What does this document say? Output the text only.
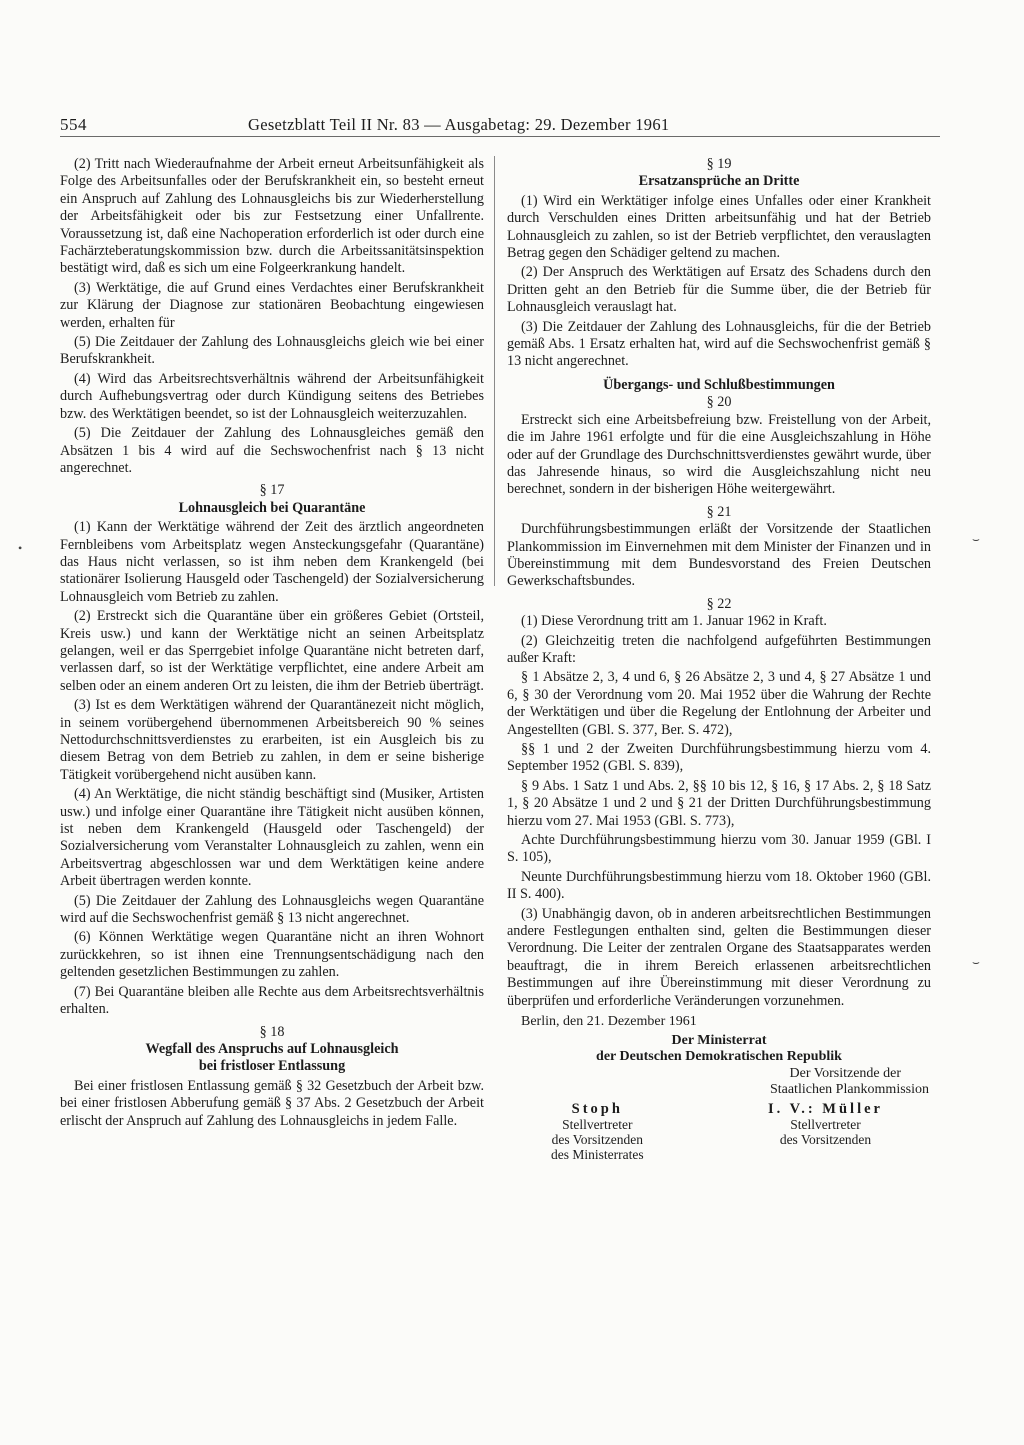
554	Gesetzblatt Teil II Nr. 83 — Ausgabetag: 29. Dezember 1961
•
⌣
⌣

(2) Tritt nach Wiederaufnahme der Arbeit erneut Arbeitsunfähigkeit als Folge des Arbeitsunfalles oder der Berufskrankheit ein, so besteht erneut ein Anspruch auf Zahlung des Lohnausgleichs bis zur Wiederherstellung der Arbeitsfähigkeit oder bis zur Festsetzung einer Unfallrente. Voraussetzung ist, daß eine Nachoperation erforderlich ist oder durch eine Fachärzteberatungskommission bzw. durch die Arbeitssanitätsinspektion bestätigt wird, daß es sich um eine Folgeerkrankung handelt.

(3) Werktätige, die auf Grund eines Verdachtes einer Berufskrankheit zur Klärung der Diagnose zur stationären Beobachtung eingewiesen werden, erhalten für

(5) Die Zeitdauer der Zahlung des Lohnausgleichs gleich wie bei einer Berufskrankheit.

(4) Wird das Arbeitsrechtsverhältnis während der Arbeitsunfähigkeit durch Aufhebungsvertrag oder durch Kündigung seitens des Betriebes bzw. des Werktätigen beendet, so ist der Lohnausgleich weiterzuzahlen.

(5) Die Zeitdauer der Zahlung des Lohnausgleiches gemäß den Absätzen 1 bis 4 wird auf die Sechswochenfrist nach § 13 nicht angerechnet.

§ 17

Lohnausgleich bei Quarantäne

(1) Kann der Werktätige während der Zeit des ärztlich angeordneten Fernbleibens vom Arbeitsplatz wegen Ansteckungsgefahr (Quarantäne) das Haus nicht verlassen, so ist ihm neben dem Krankengeld (bei stationärer Isolierung Hausgeld oder Taschengeld) der Sozialversicherung Lohnausgleich vom Betrieb zu zahlen.

(2) Erstreckt sich die Quarantäne über ein größeres Gebiet (Ortsteil, Kreis usw.) und kann der Werktätige nicht an seinen Arbeitsplatz gelangen, weil er das Sperrgebiet infolge Quarantäne nicht betreten darf, verlassen darf, so ist der Werktätige verpflichtet, eine andere Arbeit am selben oder an einem anderen Ort zu leisten, die ihm der Betrieb überträgt.

(3) Ist es dem Werktätigen während der Quarantänezeit nicht möglich, in seinem vorübergehend übernommenen Arbeitsbereich 90 % seines Nettodurchschnittsverdienstes zu erarbeiten, ist ein Ausgleich bis zu diesem Betrag von dem Betrieb zu zahlen, in dem er seine bisherige Tätigkeit vorübergehend nicht ausüben kann.

(4) An Werktätige, die nicht ständig beschäftigt sind (Musiker, Artisten usw.) und infolge einer Quarantäne ihre Tätigkeit nicht ausüben können, ist neben dem Krankengeld (Hausgeld oder Taschengeld) der Sozialversicherung vom Veranstalter Lohnausgleich zu zahlen, wenn ein Arbeitsvertrag abgeschlossen war und dem Werktätigen keine andere Arbeit übertragen werden konnte.

(5) Die Zeitdauer der Zahlung des Lohnausgleichs wegen Quarantäne wird auf die Sechswochenfrist gemäß § 13 nicht angerechnet.

(6) Können Werktätige wegen Quarantäne nicht an ihren Wohnort zurückkehren, so ist ihnen eine Trennungsentschädigung nach den geltenden gesetzlichen Bestimmungen zu zahlen.

(7) Bei Quarantäne bleiben alle Rechte aus dem Arbeitsrechtsverhältnis erhalten.

§ 18

Wegfall des Anspruchs auf Lohnausgleich

bei fristloser Entlassung

Bei einer fristlosen Entlassung gemäß § 32 Gesetzbuch der Arbeit bzw. bei einer fristlosen Abberufung gemäß § 37 Abs. 2 Gesetzbuch der Arbeit erlischt der Anspruch auf Zahlung des Lohnausgleichs in jedem Falle.

§ 19

Ersatzansprüche an Dritte

(1) Wird ein Werktätiger infolge eines Unfalles oder einer Krankheit durch Verschulden eines Dritten arbeitsunfähig und hat der Betrieb Lohnausgleich zu zahlen, so ist der Betrieb verpflichtet, den verauslagten Betrag gegen den Schädiger geltend zu machen.

(2) Der Anspruch des Werktätigen auf Ersatz des Schadens durch den Dritten geht an den Betrieb für die Summe über, die der Betrieb für Lohnausgleich verauslagt hat.

(3) Die Zeitdauer der Zahlung des Lohnausgleichs, für die der Betrieb gemäß Abs. 1 Ersatz erhalten hat, wird auf die Sechswochenfrist gemäß § 13 nicht angerechnet.

Übergangs- und Schlußbestimmungen

§ 20

Erstreckt sich eine Arbeitsbefreiung bzw. Freistellung von der Arbeit, die im Jahre 1961 erfolgte und für die eine Ausgleichszahlung in Höhe oder auf der Grundlage des Durchschnittsverdienstes gewährt wurde, über das Jahresende hinaus, so wird die Ausgleichszahlung nicht neu berechnet, sondern in der bisherigen Höhe weitergewährt.

§ 21

Durchführungsbestimmungen erläßt der Vorsitzende der Staatlichen Plankommission im Einvernehmen mit dem Minister der Finanzen und in Übereinstimmung mit dem Bundesvorstand des Freien Deutschen Gewerkschaftsbundes.

§ 22

(1) Diese Verordnung tritt am 1. Januar 1962 in Kraft.

(2) Gleichzeitig treten die nachfolgend aufgeführten Bestimmungen außer Kraft:

§ 1 Absätze 2, 3, 4 und 6, § 26 Absätze 2, 3 und 4, § 27 Absätze 1 und 6, § 30 der Verordnung vom 20. Mai 1952 über die Wahrung der Rechte der Werktätigen und über die Regelung der Entlohnung der Arbeiter und Angestellten (GBl. S. 377, Ber. S. 472),

§§ 1 und 2 der Zweiten Durchführungsbestimmung hierzu vom 4. September 1952 (GBl. S. 839),

§ 9 Abs. 1 Satz 1 und Abs. 2, §§ 10 bis 12, § 16, § 17 Abs. 2, § 18 Satz 1, § 20 Absätze 1 und 2 und § 21 der Dritten Durchführungsbestimmung hierzu vom 27. Mai 1953 (GBl. S. 773),

Achte Durchführungsbestimmung hierzu vom 30. Januar 1959 (GBl. I S. 105),

Neunte Durchführungsbestimmung hierzu vom 18. Oktober 1960 (GBl. II S. 400).

(3) Unabhängig davon, ob in anderen arbeitsrechtlichen Bestimmungen andere Festlegungen enthalten sind, gelten die Bestimmungen dieser Verordnung. Die Leiter der zentralen Organe des Staatsapparates werden beauftragt, die in ihrem Bereich erlassenen arbeitsrechtlichen Bestimmungen auf ihre Übereinstimmung mit dieser Verordnung zu überprüfen und erforderliche Veränderungen vorzunehmen.

Berlin, den 21. Dezember 1961

Der Ministerrat
der Deutschen Demokratischen Republik
Der Vorsitzende der
Staatlichen Plankommission
Stoph
Stellvertreter
des Vorsitzenden
des Ministerrates
I. V.: Müller
Stellvertreter
des Vorsitzenden
